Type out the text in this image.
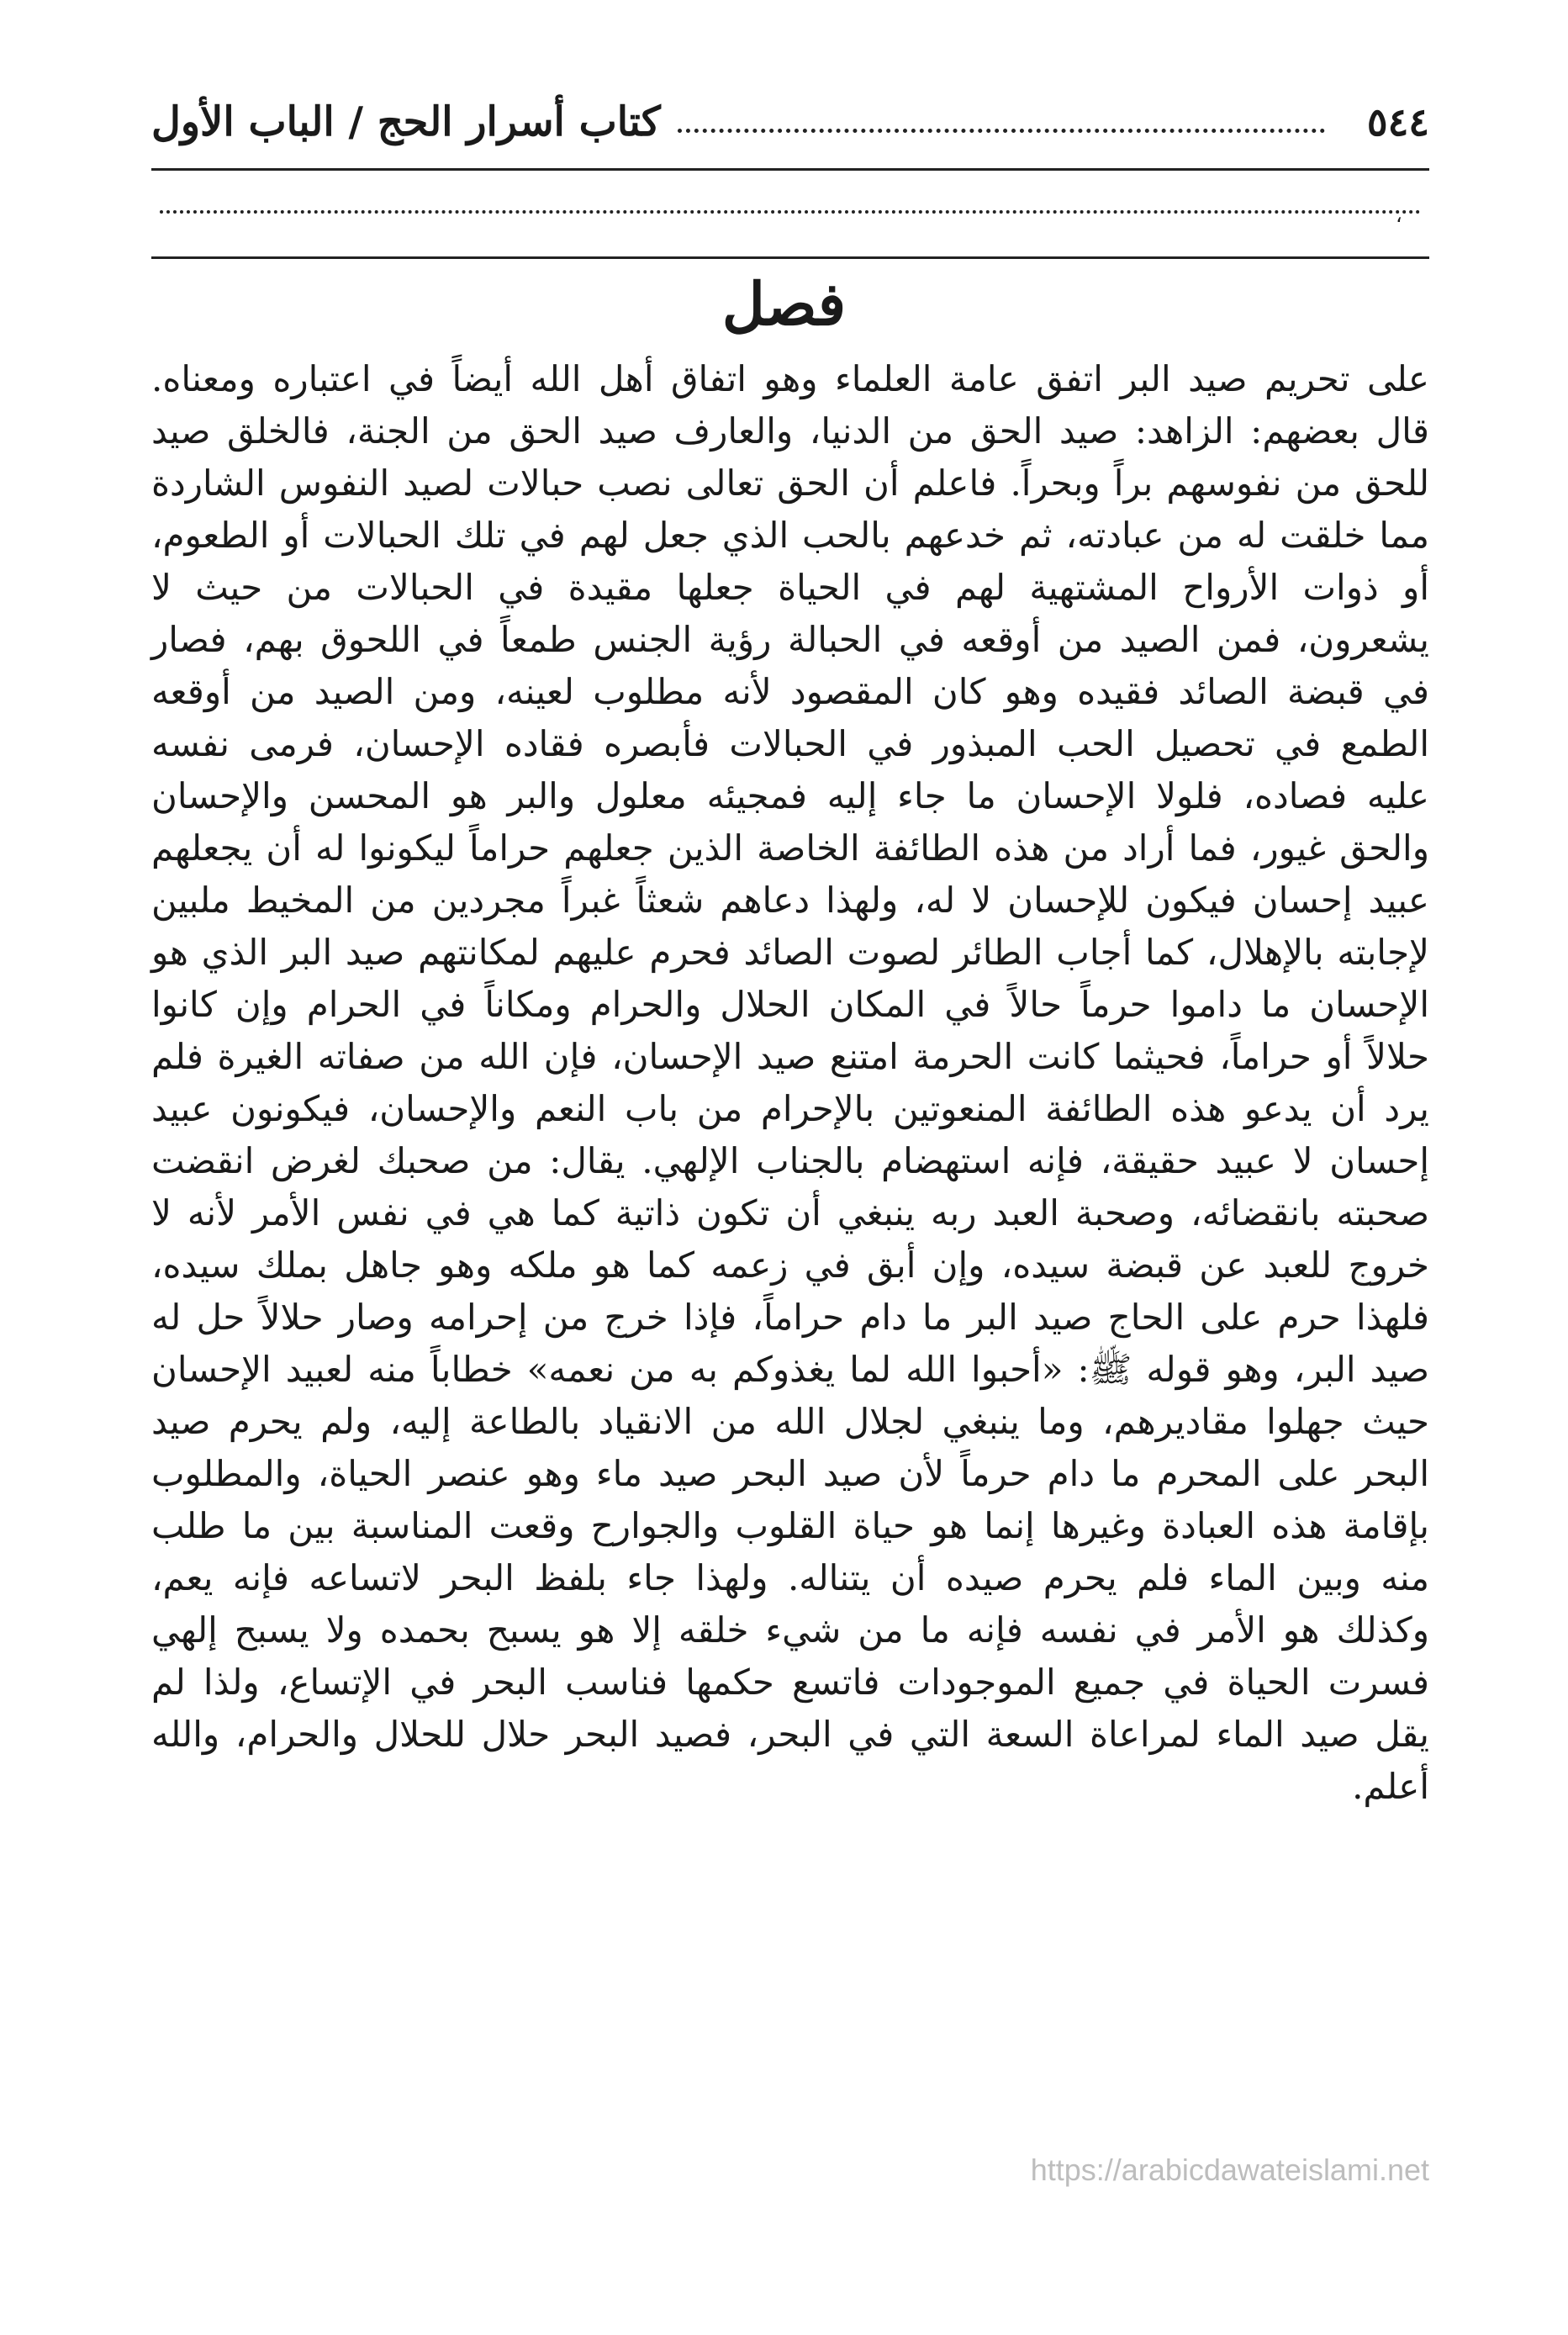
٥٤٤
كتاب أسرار الحج / الباب الأول
،
فصل

على تحريم صيد البر اتفق عامة العلماء وهو اتفاق أهل الله أيضاً في اعتباره ومعناه. قال بعضهم: الزاهد: صيد الحق من الدنيا، والعارف صيد الحق من الجنة، فالخلق صيد للحق من نفوسهم براً وبحراً. فاعلم أن الحق تعالى نصب حبالات لصيد النفوس الشاردة مما خلقت له من عبادته، ثم خدعهم بالحب الذي جعل لهم في تلك الحبالات أو الطعوم، أو ذوات الأرواح المشتهية لهم في الحياة جعلها مقيدة في الحبالات من حيث لا يشعرون، فمن الصيد من أوقعه في الحبالة رؤية الجنس طمعاً في اللحوق بهم، فصار في قبضة الصائد فقيده وهو كان المقصود لأنه مطلوب لعينه، ومن الصيد من أوقعه الطمع في تحصيل الحب المبذور في الحبالات فأبصره فقاده الإحسان، فرمى نفسه عليه فصاده، فلولا الإحسان ما جاء إليه فمجيئه معلول والبر هو المحسن والإحسان والحق غيور، فما أراد من هذه الطائفة الخاصة الذين جعلهم حراماً ليكونوا له أن يجعلهم عبيد إحسان فيكون للإحسان لا له، ولهذا دعاهم شعثاً غبراً مجردين من المخيط ملبين لإجابته بالإهلال، كما أجاب الطائر لصوت الصائد فحرم عليهم لمكانتهم صيد البر الذي هو الإحسان ما داموا حرماً حالاً في المكان الحلال والحرام ومكاناً في الحرام وإن كانوا حلالاً أو حراماً، فحيثما كانت الحرمة امتنع صيد الإحسان، فإن الله من صفاته الغيرة فلم يرد أن يدعو هذه الطائفة المنعوتين بالإحرام من باب النعم والإحسان، فيكونون عبيد إحسان لا عبيد حقيقة، فإنه استهضام بالجناب الإلهي. يقال: من صحبك لغرض انقضت صحبته بانقضائه، وصحبة العبد ربه ينبغي أن تكون ذاتية كما هي في نفس الأمر لأنه لا خروج للعبد عن قبضة سيده، وإن أبق في زعمه كما هو ملكه وهو جاهل بملك سيده، فلهذا حرم على الحاج صيد البر ما دام حراماً، فإذا خرج من إحرامه وصار حلالاً حل له صيد البر، وهو قوله ﷺ: «أحبوا الله لما يغذوكم به من نعمه» خطاباً منه لعبيد الإحسان حيث جهلوا مقاديرهم، وما ينبغي لجلال الله من الانقياد بالطاعة إليه، ولم يحرم صيد البحر على المحرم ما دام حرماً لأن صيد البحر صيد ماء وهو عنصر الحياة، والمطلوب بإقامة هذه العبادة وغيرها إنما هو حياة القلوب والجوارح وقعت المناسبة بين ما طلب منه وبين الماء فلم يحرم صيده أن يتناله. ولهذا جاء بلفظ البحر لاتساعه فإنه يعم، وكذلك هو الأمر في نفسه فإنه ما من شيء خلقه إلا هو يسبح بحمده ولا يسبح إلهي فسرت الحياة في جميع الموجودات فاتسع حكمها فناسب البحر في الإتساع، ولذا لم يقل صيد الماء لمراعاة السعة التي في البحر، فصيد البحر حلال للحلال والحرام، والله أعلم.

https://arabicdawateislami.net
